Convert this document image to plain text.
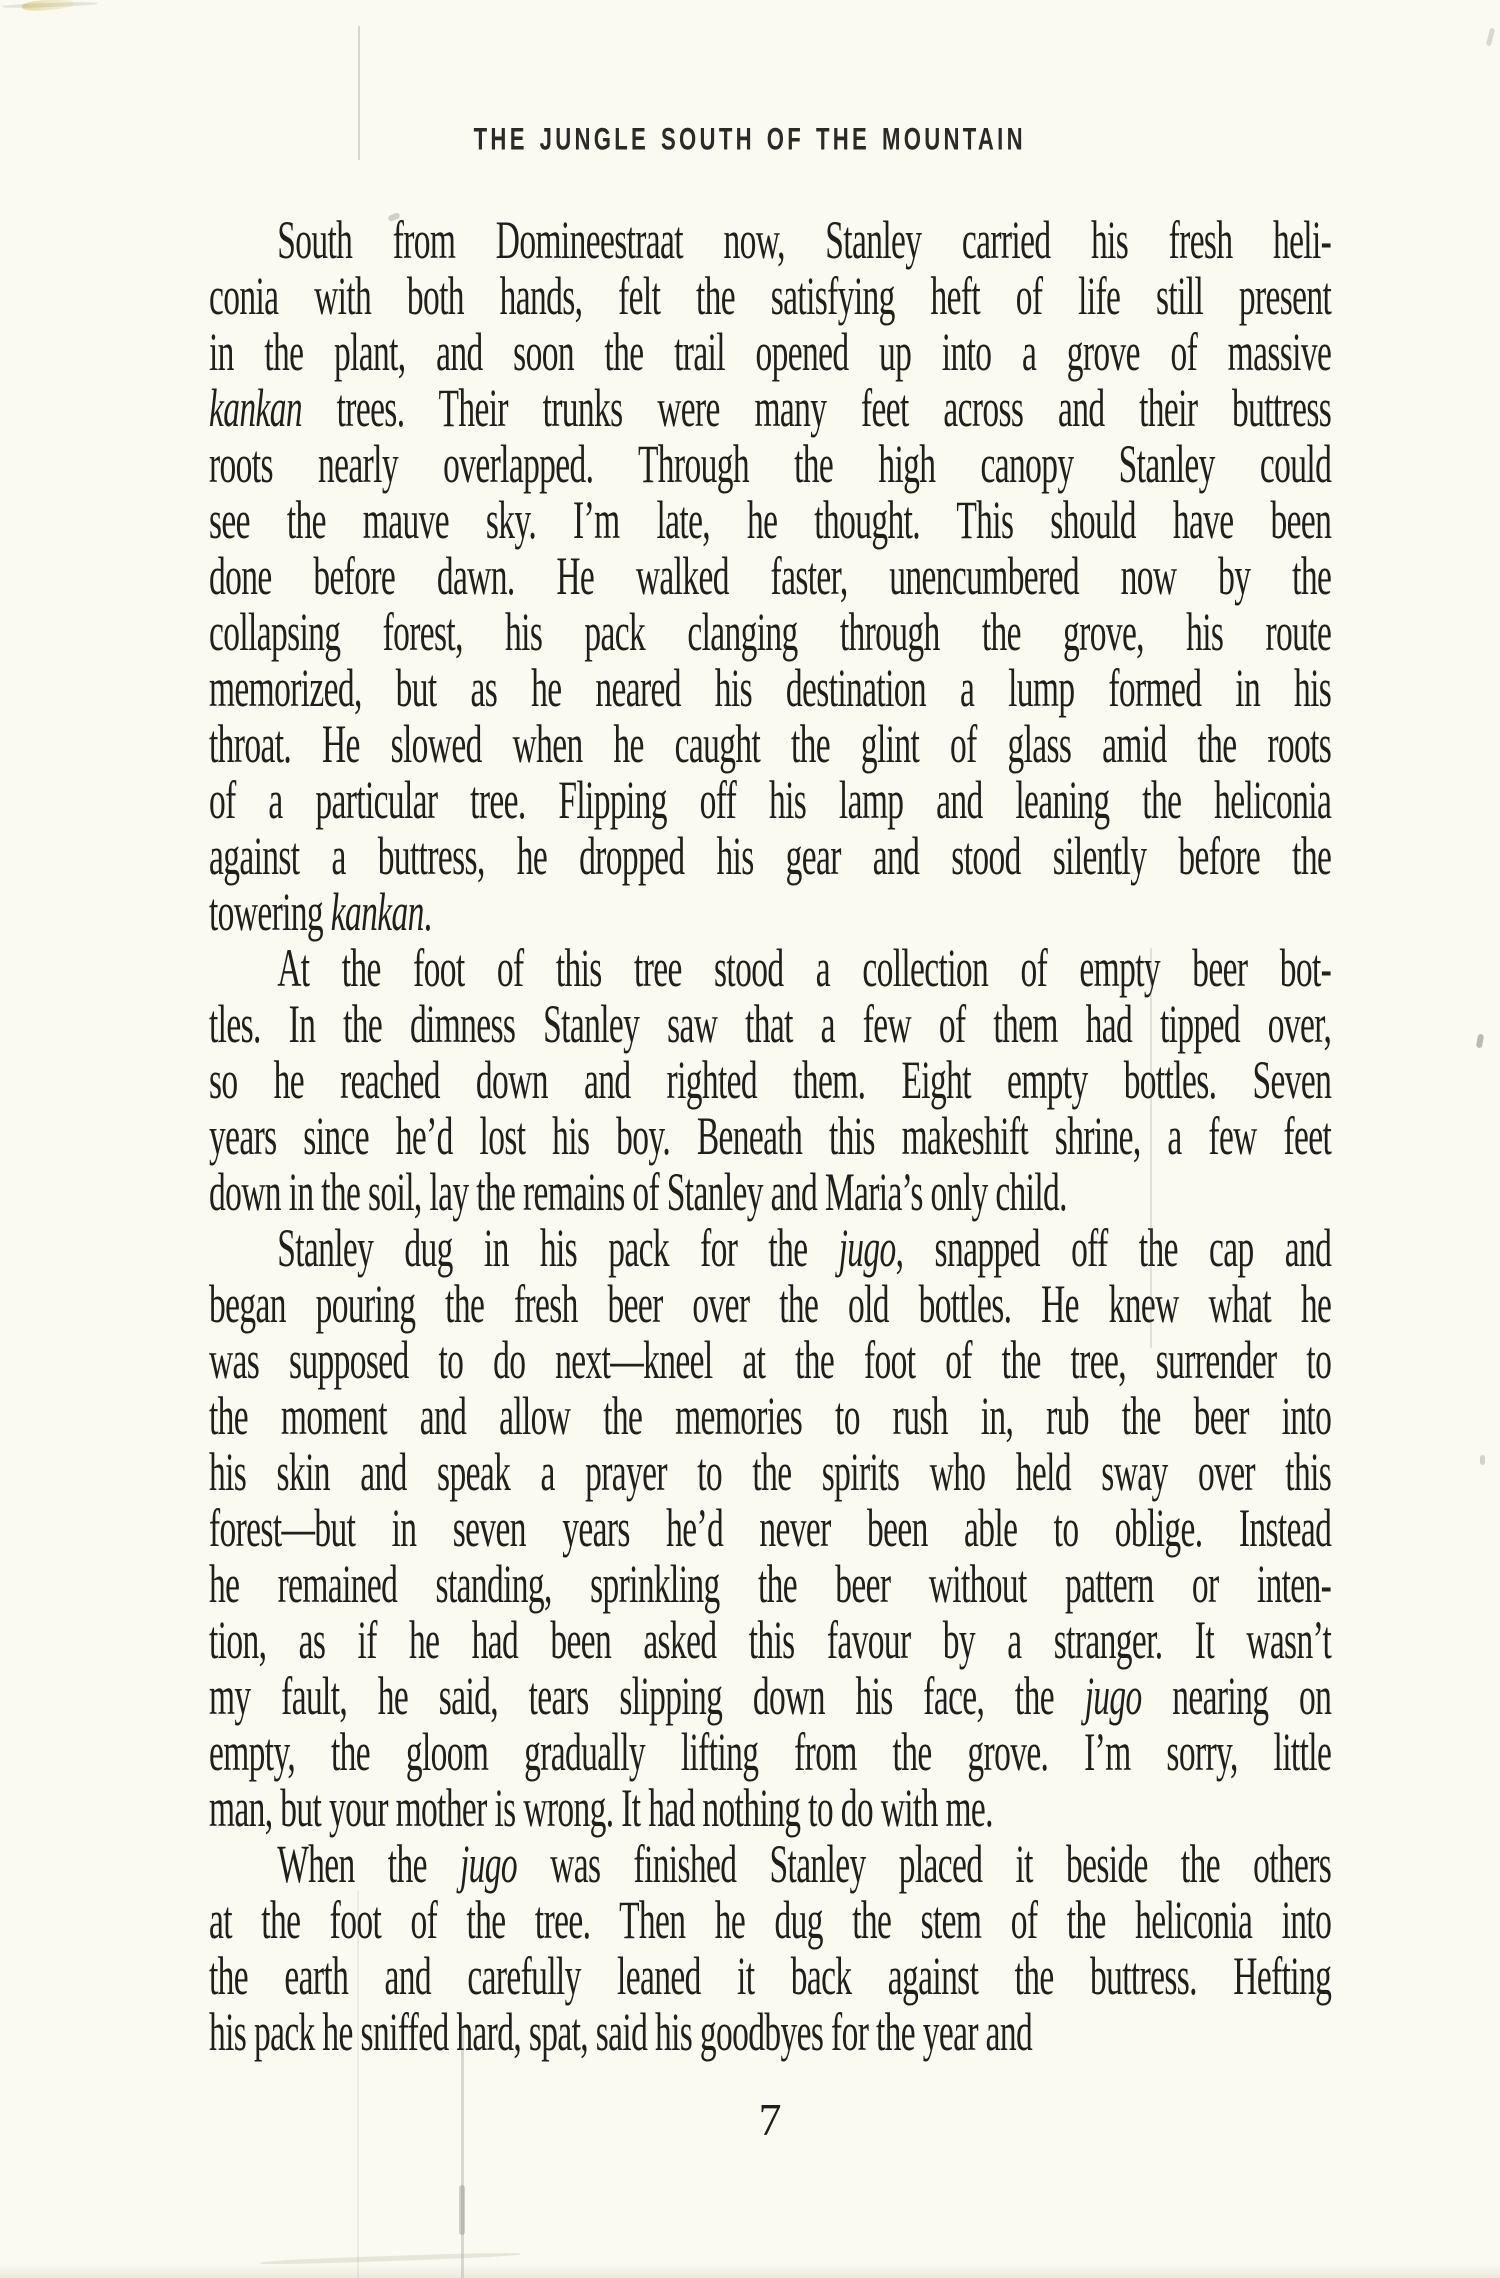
THE JUNGLE SOUTH OF THE MOUNTAIN
South from Domineestraat now, Stanley carried his fresh heli-
conia with both hands, felt the satisfying heft of life still present
in the plant, and soon the trail opened up into a grove of massive
kankan trees. Their trunks were many feet across and their buttress
roots nearly overlapped. Through the high canopy Stanley could
see the mauve sky. I’m late, he thought. This should have been
done before dawn. He walked faster, unencumbered now by the
collapsing forest, his pack clanging through the grove, his route
memorized, but as he neared his destination a lump formed in his
throat. He slowed when he caught the glint of glass amid the roots
of a particular tree. Flipping off his lamp and leaning the heliconia
against a buttress, he dropped his gear and stood silently before the
towering kankan.
At the foot of this tree stood a collection of empty beer bot-
tles. In the dimness Stanley saw that a few of them had tipped over,
so he reached down and righted them. Eight empty bottles. Seven
years since he’d lost his boy. Beneath this makeshift shrine, a few feet
down in the soil, lay the remains of Stanley and Maria’s only child.
Stanley dug in his pack for the jugo, snapped off the cap and
began pouring the fresh beer over the old bottles. He knew what he
was supposed to do next—kneel at the foot of the tree, surrender to
the moment and allow the memories to rush in, rub the beer into
his skin and speak a prayer to the spirits who held sway over this
forest—but in seven years he’d never been able to oblige. Instead
he remained standing, sprinkling the beer without pattern or inten-
tion, as if he had been asked this favour by a stranger. It wasn’t
my fault, he said, tears slipping down his face, the jugo nearing on
empty, the gloom gradually lifting from the grove. I’m sorry, little
man, but your mother is wrong. It had nothing to do with me.
When the jugo was finished Stanley placed it beside the others
at the foot of the tree. Then he dug the stem of the heliconia into
the earth and carefully leaned it back against the buttress. Hefting
his pack he sniffed hard, spat, said his goodbyes for the year and
7
